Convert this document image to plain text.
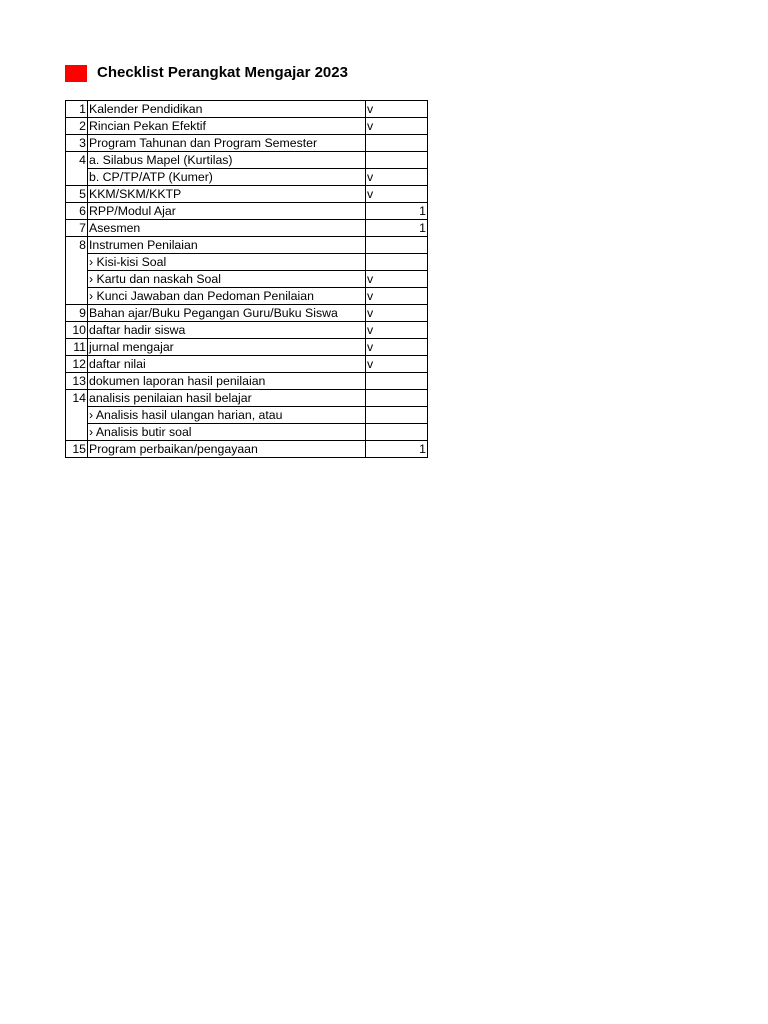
Checklist Perangkat Mengajar 2023
1	Kalender Pendidikan	v
2	Rincian Pekan Efektif	v
3	Program Tahunan dan Program Semester	
4	a. Silabus Mapel (Kurtilas)	
	b. CP/TP/ATP (Kumer)	v
5	KKM/SKM/KKTP	v
6	RPP/Modul Ajar	1
7	Asesmen	1
8	Instrumen Penilaian	
	› Kisi-kisi Soal	
	› Kartu dan naskah Soal	v
	› Kunci Jawaban dan Pedoman Penilaian	v
9	Bahan ajar/Buku Pegangan Guru/Buku Siswa	v
10	daftar hadir siswa	v
11	jurnal mengajar	v
12	daftar nilai	v
13	dokumen laporan hasil penilaian	
14	analisis penilaian hasil belajar	
	› Analisis hasil ulangan harian, atau	
	› Analisis butir soal	
15	Program perbaikan/pengayaan	1
